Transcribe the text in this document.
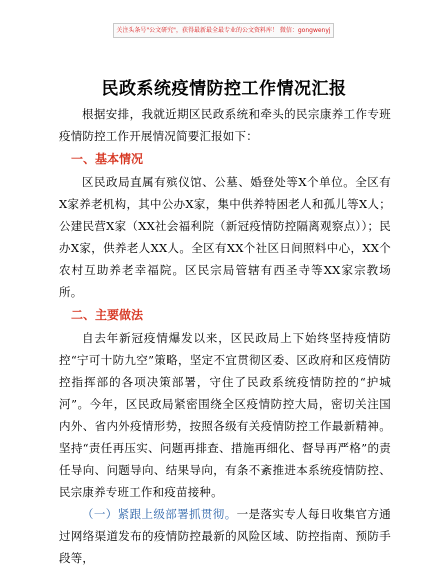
关注头条号"公文研究"，获得最新最全最专业的公文资料库！ 微信：gongwenyj
民政系统疫情防控工作情况汇报

根据安排，我就近期区民政系统和牵头的民宗康养工作专班疫情防控工作开展情况简要汇报如下：

一、基本情况

区民政局直属有殡仪馆、公墓、婚登处等X个单位。全区有X家养老机构，其中公办X家，集中供养特困老人和孤儿等X人；公建民营X家（XX社会福利院（新冠疫情防控隔离观察点））；民办X家，供养老人XX人。全区有XX个社区日间照料中心，XX个农村互助养老幸福院。区民宗局管辖有西圣寺等XX家宗教场所。

二、主要做法

自去年新冠疫情爆发以来，区民政局上下始终坚持疫情防控“宁可十防九空”策略，坚定不宜贯彻区委、区政府和区疫情防控指挥部的各项决策部署，守住了民政系统疫情防控的“护城河”。今年，区民政局紧密围绕全区疫情防控大局，密切关注国内外、省内外疫情形势，按照各级有关疫情防控工作最新精神。坚持“责任再压实、问题再排查、措施再细化、督导再严格”的责任导向、问题导向、结果导向，有条不紊推进本系统疫情防控、民宗康养专班工作和疫苗接种。

（一）紧跟上级部署抓贯彻。一是落实专人每日收集官方通过网络渠道发布的疫情防控最新的风险区域、防控指南、预防手段等，
